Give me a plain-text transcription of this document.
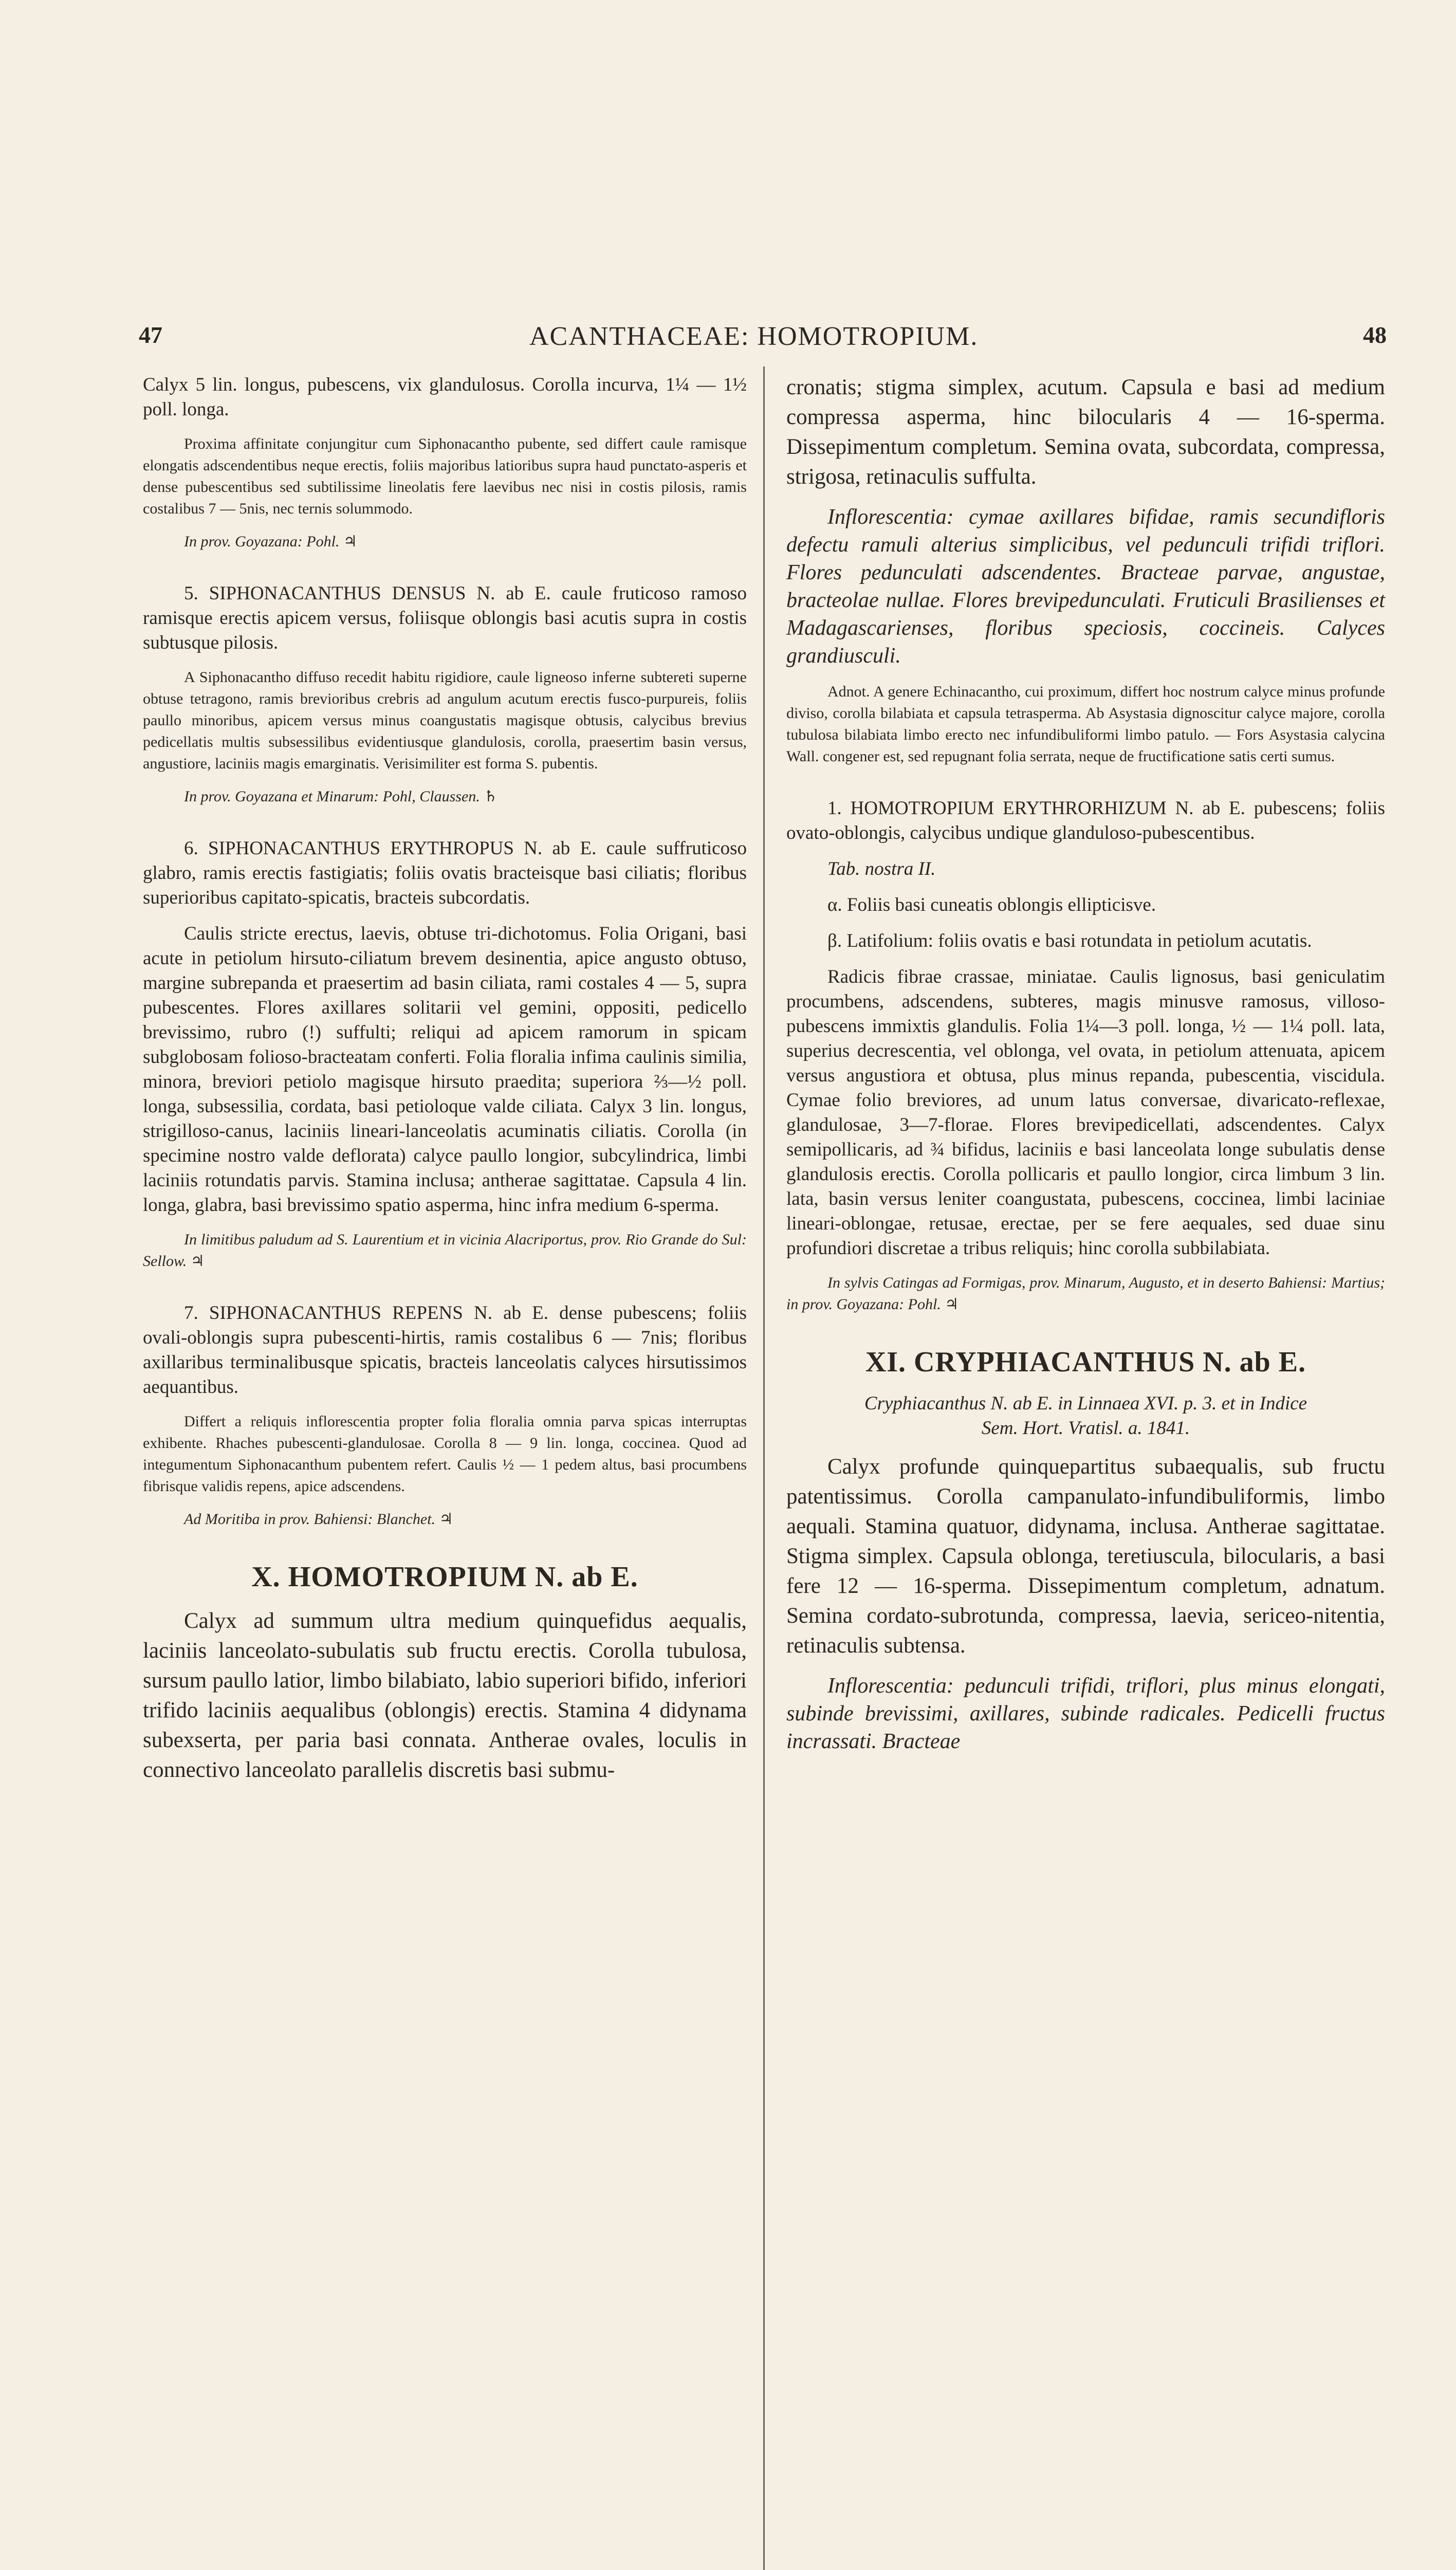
47	ACANTHACEAE: HOMOTROPIUM.	48

Calyx 5 lin. longus, pubescens, vix glandulosus. Corolla incurva, 1¼ — 1½ poll. longa.

Proxima affinitate conjungitur cum Siphonacantho pubente, sed differt caule ramisque elongatis adscendentibus neque erectis, foliis majoribus latioribus supra haud punctato-asperis et dense pubescentibus sed subtilissime lineolatis fere laevibus nec nisi in costis pilosis, ramis costalibus 7 — 5nis, nec ternis solummodo.

In prov. Goyazana: Pohl. ♃

5. SIPHONACANTHUS DENSUS N. ab E. caule fruticoso ramoso ramisque erectis apicem versus, foliisque oblongis basi acutis supra in costis subtusque pilosis.

A Siphonacantho diffuso recedit habitu rigidiore, caule ligneoso inferne subtereti superne obtuse tetragono, ramis brevioribus crebris ad angulum acutum erectis fusco-purpureis, foliis paullo minoribus, apicem versus minus coangustatis magisque obtusis, calycibus brevius pedicellatis multis subsessilibus evidentiusque glandulosis, corolla, praesertim basin versus, angustiore, laciniis magis emarginatis. Verisimiliter est forma S. pubentis.

In prov. Goyazana et Minarum: Pohl, Claussen. ♄

6. SIPHONACANTHUS ERYTHROPUS N. ab E. caule suffruticoso glabro, ramis erectis fastigiatis; foliis ovatis bracteisque basi ciliatis; floribus superioribus capitato-spicatis, bracteis subcordatis.

Caulis stricte erectus, laevis, obtuse tri-dichotomus. Folia Origani, basi acute in petiolum hirsuto-ciliatum brevem desinentia, apice angusto obtuso, margine subrepanda et praesertim ad basin ciliata, rami costales 4 — 5, supra pubescentes. Flores axillares solitarii vel gemini, oppositi, pedicello brevissimo, rubro (!) suffulti; reliqui ad apicem ramorum in spicam subglobosam folioso-bracteatam conferti. Folia floralia infima caulinis similia, minora, breviori petiolo magisque hirsuto praedita; superiora ⅔—½ poll. longa, subsessilia, cordata, basi petioloque valde ciliata. Calyx 3 lin. longus, strigilloso-canus, laciniis lineari-lanceolatis acuminatis ciliatis. Corolla (in specimine nostro valde deflorata) calyce paullo longior, subcylindrica, limbi laciniis rotundatis parvis. Stamina inclusa; antherae sagittatae. Capsula 4 lin. longa, glabra, basi brevissimo spatio asperma, hinc infra medium 6-sperma.

In limitibus paludum ad S. Laurentium et in vicinia Alacriportus, prov. Rio Grande do Sul: Sellow. ♃

7. SIPHONACANTHUS REPENS N. ab E. dense pubescens; foliis ovali-oblongis supra pubescenti-hirtis, ramis costalibus 6 — 7nis; floribus axillaribus terminalibusque spicatis, bracteis lanceolatis calyces hirsutissimos aequantibus.

Differt a reliquis inflorescentia propter folia floralia omnia parva spicas interruptas exhibente. Rhaches pubescenti-glandulosae. Corolla 8 — 9 lin. longa, coccinea. Quod ad integumentum Siphonacanthum pubentem refert. Caulis ½ — 1 pedem altus, basi procumbens fibrisque validis repens, apice adscendens.

Ad Moritiba in prov. Bahiensi: Blanchet. ♃

X. HOMOTROPIUM N. ab E.

Calyx ad summum ultra medium quinquefidus aequalis, laciniis lanceolato-subulatis sub fructu erectis. Corolla tubulosa, sursum paullo latior, limbo bilabiato, labio superiori bifido, inferiori trifido laciniis aequalibus (oblongis) erectis. Stamina 4 didynama subexserta, per paria basi connata. Antherae ovales, loculis in connectivo lanceolato parallelis discretis basi submu-

cronatis; stigma simplex, acutum. Capsula e basi ad medium compressa asperma, hinc bilocularis 4 — 16-sperma. Dissepimentum completum. Semina ovata, subcordata, compressa, strigosa, retinaculis suffulta.

Inflorescentia: cymae axillares bifidae, ramis secundifloris defectu ramuli alterius simplicibus, vel pedunculi trifidi triflori. Flores pedunculati adscendentes. Bracteae parvae, angustae, bracteolae nullae. Flores brevipedunculati. Fruticuli Brasilienses et Madagascarienses, floribus speciosis, coccineis. Calyces grandiusculi.

Adnot. A genere Echinacantho, cui proximum, differt hoc nostrum calyce minus profunde diviso, corolla bilabiata et capsula tetrasperma. Ab Asystasia dignoscitur calyce majore, corolla tubulosa bilabiata limbo erecto nec infundibuliformi limbo patulo. — Fors Asystasia calycina Wall. congener est, sed repugnant folia serrata, neque de fructificatione satis certi sumus.

1. HOMOTROPIUM ERYTHRORHIZUM N. ab E. pubescens; foliis ovato-oblongis, calycibus undique glanduloso-pubescentibus.

Tab. nostra II.

α. Foliis basi cuneatis oblongis ellipticisve.

β. Latifolium: foliis ovatis e basi rotundata in petiolum acutatis.

Radicis fibrae crassae, miniatae. Caulis lignosus, basi geniculatim procumbens, adscendens, subteres, magis minusve ramosus, villoso-pubescens immixtis glandulis. Folia 1¼—3 poll. longa, ½ — 1¼ poll. lata, superius decrescentia, vel oblonga, vel ovata, in petiolum attenuata, apicem versus angustiora et obtusa, plus minus repanda, pubescentia, viscidula. Cymae folio breviores, ad unum latus conversae, divaricato-reflexae, glandulosae, 3—7-florae. Flores brevipedicellati, adscendentes. Calyx semipollicaris, ad ¾ bifidus, laciniis e basi lanceolata longe subulatis dense glandulosis erectis. Corolla pollicaris et paullo longior, circa limbum 3 lin. lata, basin versus leniter coangustata, pubescens, coccinea, limbi laciniae lineari-oblongae, retusae, erectae, per se fere aequales, sed duae sinu profundiori discretae a tribus reliquis; hinc corolla subbilabiata.

In sylvis Catingas ad Formigas, prov. Minarum, Augusto, et in deserto Bahiensi: Martius; in prov. Goyazana: Pohl. ♃

XI. CRYPHIACANTHUS N. ab E.

Cryphiacanthus N. ab E. in Linnaea XVI. p. 3. et in Indice

Sem. Hort. Vratisl. a. 1841.

Calyx profunde quinquepartitus subaequalis, sub fructu patentissimus. Corolla campanulato-infundibuliformis, limbo aequali. Stamina quatuor, didynama, inclusa. Antherae sagittatae. Stigma simplex. Capsula oblonga, teretiuscula, bilocularis, a basi fere 12 — 16-sperma. Dissepimentum completum, adnatum. Semina cordato-subrotunda, compressa, laevia, sericeo-nitentia, retinaculis subtensa.

Inflorescentia: pedunculi trifidi, triflori, plus minus elongati, subinde brevissimi, axillares, subinde radicales. Pedicelli fructus incrassati. Bracteae
